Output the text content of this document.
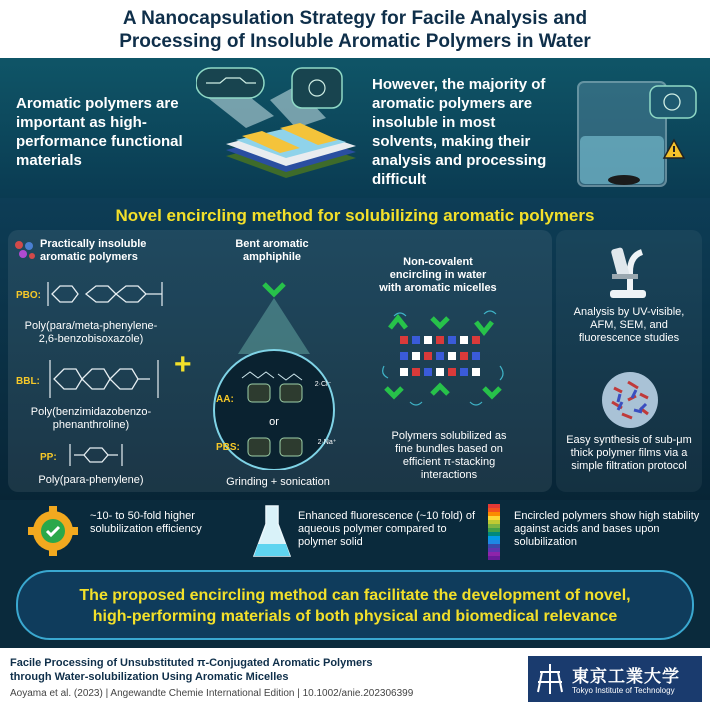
A Nanocapsulation Strategy for Facile Analysis and
Processing of Insoluble Aromatic Polymers in Water
Aromatic polymers are important as high-performance functional materials
However, the majority of aromatic polymers are insoluble in most solvents, making their analysis and processing difficult
Novel encircling method for solubilizing aromatic polymers
Practically insoluble aromatic polymers
PBO:
Poly(para/meta-phenylene-2,6-benzobisoxazole)
BBL:
Poly(benzimidazobenzo-phenanthroline)
PP:
Poly(para-phenylene)
+
Bent aromatic amphiphile
AA:
2·Cl⁻
or
PBS:	2·Na⁺
Grinding + sonication
Non-covalent encircling in water with aromatic micelles
Polymers solubilized as fine bundles based on efficient π-stacking interactions
Analysis by UV-visible, AFM, SEM, and fluorescence studies
Easy synthesis of sub-μm thick polymer films via a simple filtration protocol
~10- to 50-fold higher solubilization efficiency
Enhanced fluorescence (~10 fold) of aqueous polymer compared to polymer solid
Encircled polymers show high stability against acids and bases upon solubilization
The proposed encircling method can facilitate the development of novel,
high-performing materials of both physical and biomedical relevance
Facile Processing of Unsubstituted π-Conjugated Aromatic Polymers
through Water-solubilization Using Aromatic Micelles
Aoyama et al. (2023) | Angewandte Chemie International Edition | 10.1002/anie.202306399
東京工業大学
Tokyo Institute of Technology
